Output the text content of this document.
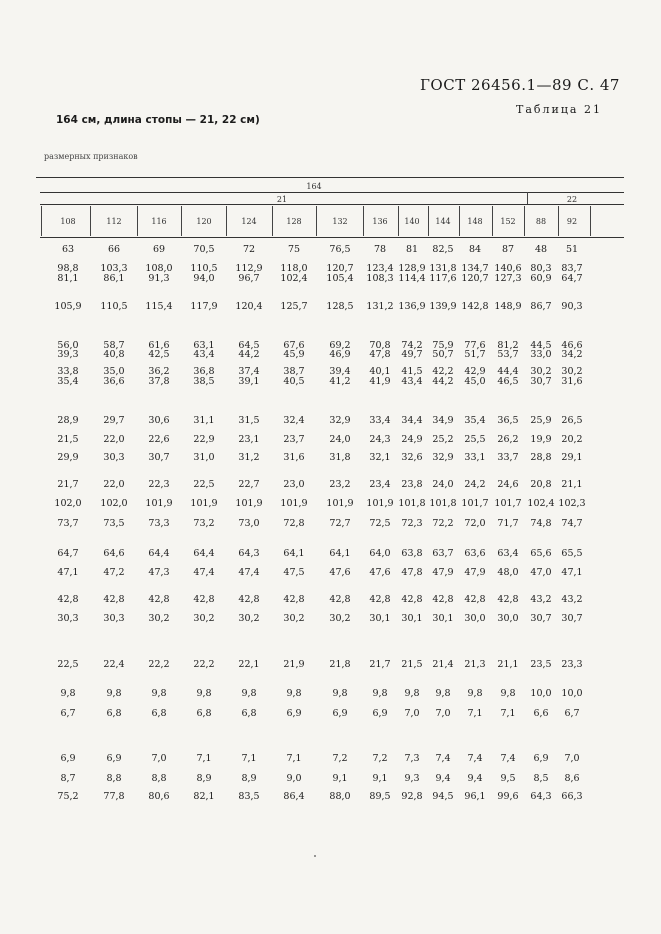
ГОСТ 26456.1—89 С. 47
Таблица 21
164 см, длина стопы — 21, 22 см)
размерных признаков
164
21	22
108	112	116	120	124	128	132	136 140 144 148 152	88	92
63	66	69	70,5	72	75	76,5 78 81 82,5 84 87 48 51
98,8 103,3 108,0 110,5 112,9 118,0 120,7 123,4 128,9 131,8 134,7 140,6 80,3 83,7
81,1	86,1	91,3	94,0	96,7 102,4 105,4 108,3 114,4 117,6 120,7 127,3 60,9 64,7
105,9 110,5 115,4 117,9 120,4 125,7 128,5 131,2 136,9 139,9 142,8 148,9 86,7 90,3
56,0	58,7	61,6	63,1	64,5	67,6	69,2 70,8 74,2 75,9 77,6 81,2 44,5 46,6
39,3	40,8	42,5	43,4	44,2	45,9	46,9 47,8 49,7 50,7 51,7 53,7 33,0 34,2
33,8	35,0	36,2	36,8	37,4	38,7	39,4 40,1 41,5 42,2 42,9 44,4 30,2 30,2
35,4	36,6	37,8	38,5	39,1	40,5	41,2 41,9 43,4 44,2 45,0 46,5 30,7 31,6
28,9	29,7	30,6	31,1	31,5	32,4	32,9 33,4 34,4 34,9 35,4 36,5 25,9 26,5
21,5	22,0	22,6	22,9	23,1	23,7	24,0 24,3 24,9 25,2 25,5 26,2 19,9 20,2
29,9	30,3	30,7	31,0	31,2	31,6	31,8 32,1 32,6 32,9 33,1 33,7 28,8 29,1
21,7	22,0	22,3	22,5	22,7	23,0	23,2 23,4 23,8 24,0 24,2 24,6 20,8 21,1
102,0 102,0 101,9 101,9 101,9 101,9 101,9 101,9 101,8 101,8 101,7 101,7 102,4 102,3
73,7	73,5	73,3	73,2	73,0	72,8	72,7 72,5 72,3 72,2 72,0 71,7 74,8 74,7
64,7	64,6	64,4	64,4	64,3	64,1	64,1 64,0 63,8 63,7 63,6 63,4 65,6 65,5
47,1	47,2	47,3	47,4	47,4	47,5	47,6 47,6 47,8 47,9 47,9 48,0 47,0 47,1
42,8	42,8	42,8	42,8	42,8	42,8	42,8 42,8 42,8 42,8 42,8 42,8 43,2 43,2
30,3	30,3	30,2	30,2	30,2	30,2	30,2 30,1 30,1 30,1 30,0 30,0 30,7 30,7
22,5	22,4	22,2	22,2	22,1	21,9	21,8 21,7 21,5 21,4 21,3 21,1 23,5 23,3
9,8	9,8	9,8	9,8	9,8	9,8	9,8	9,8 9,8 9,8 9,8 9,8 10,0 10,0
6,7	6,8	6,8	6,8	6,8	6,9	6,9	6,9 7,0 7,0 7,1 7,1 6,6 6,7
6,9	6,9	7,0	7,1	7,1	7,1	7,2	7,2 7,3 7,4 7,4 7,4 6,9 7,0
8,7	8,8	8,8	8,9	8,9	9,0	9,1	9,1 9,3 9,4 9,4 9,5 8,5 8,6
75,2	77,8	80,6	82,1	83,5	86,4	88,0 89,5 92,8 94,5 96,1 99,6 64,3 66,3
